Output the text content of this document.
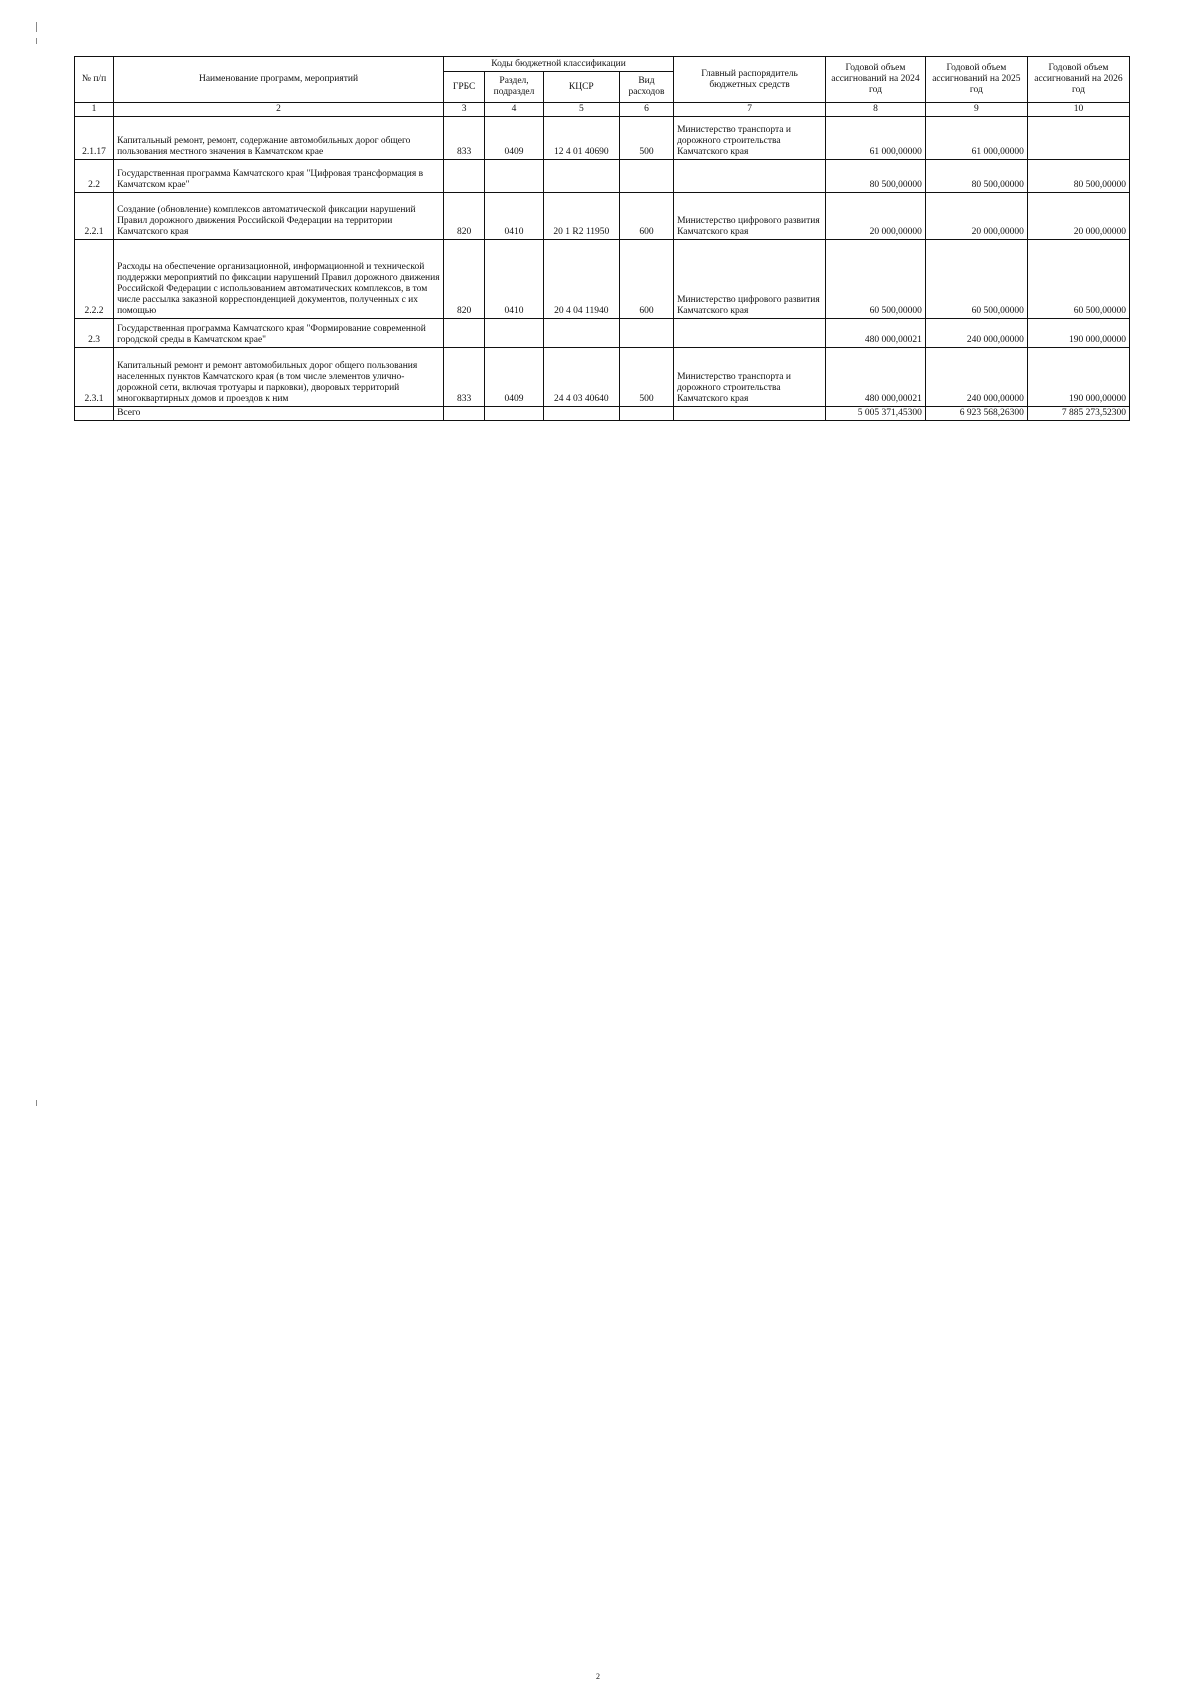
№ п/п	Наименование программ, мероприятий	Коды бюджетной классификации				Главный распорядитель бюджетных средств	Годовой объем ассигнований на 2024 год	Годовой объем ассигнований на 2025 год	Годовой объем ассигнований на 2026 год
		ГРБС	Раздел, подраздел	КЦСР	Вид расходов				
1	2	3	4	5	6	7	8	9	10
2.1.17	Капитальный ремонт, ремонт, содержание автомобильных дорог общего пользования местного значения в Камчатском крае	833	0409	12 4 01 40690	500	Министерство транспорта и дорожного строительства Камчатского края	61 000,00000	61 000,00000	
2.2	Государственная программа Камчатского края "Цифровая трансформация в Камчатском крае"						80 500,00000	80 500,00000	80 500,00000
2.2.1	Создание (обновление) комплексов автоматической фиксации нарушений Правил дорожного движения Российской Федерации на территории Камчатского края	820	0410	20 1 R2 11950	600	Министерство цифрового развития Камчатского края	20 000,00000	20 000,00000	20 000,00000
2.2.2	Расходы на обеспечение организационной, информационной и технической поддержки мероприятий по фиксации нарушений Правил дорожного движения Российской Федерации с использованием автоматических комплексов, в том числе рассылка заказной корреспонденцией документов, полученных с их помощью	820	0410	20 4 04 11940	600	Министерство цифрового развития Камчатского края	60 500,00000	60 500,00000	60 500,00000
2.3	Государственная программа Камчатского края "Формирование современной городской среды в Камчатском крае"						480 000,00021	240 000,00000	190 000,00000
2.3.1	Капитальный ремонт и ремонт автомобильных дорог общего пользования населенных пунктов Камчатского края (в том числе элементов улично-дорожной сети, включая тротуары и парковки), дворовых территорий многоквартирных домов и проездов к ним	833	0409	24 4 03 40640	500	Министерство транспорта и дорожного строительства Камчатского края	480 000,00021	240 000,00000	190 000,00000
	Всего						5 005 371,45300	6 923 568,26300	7 885 273,52300
2
